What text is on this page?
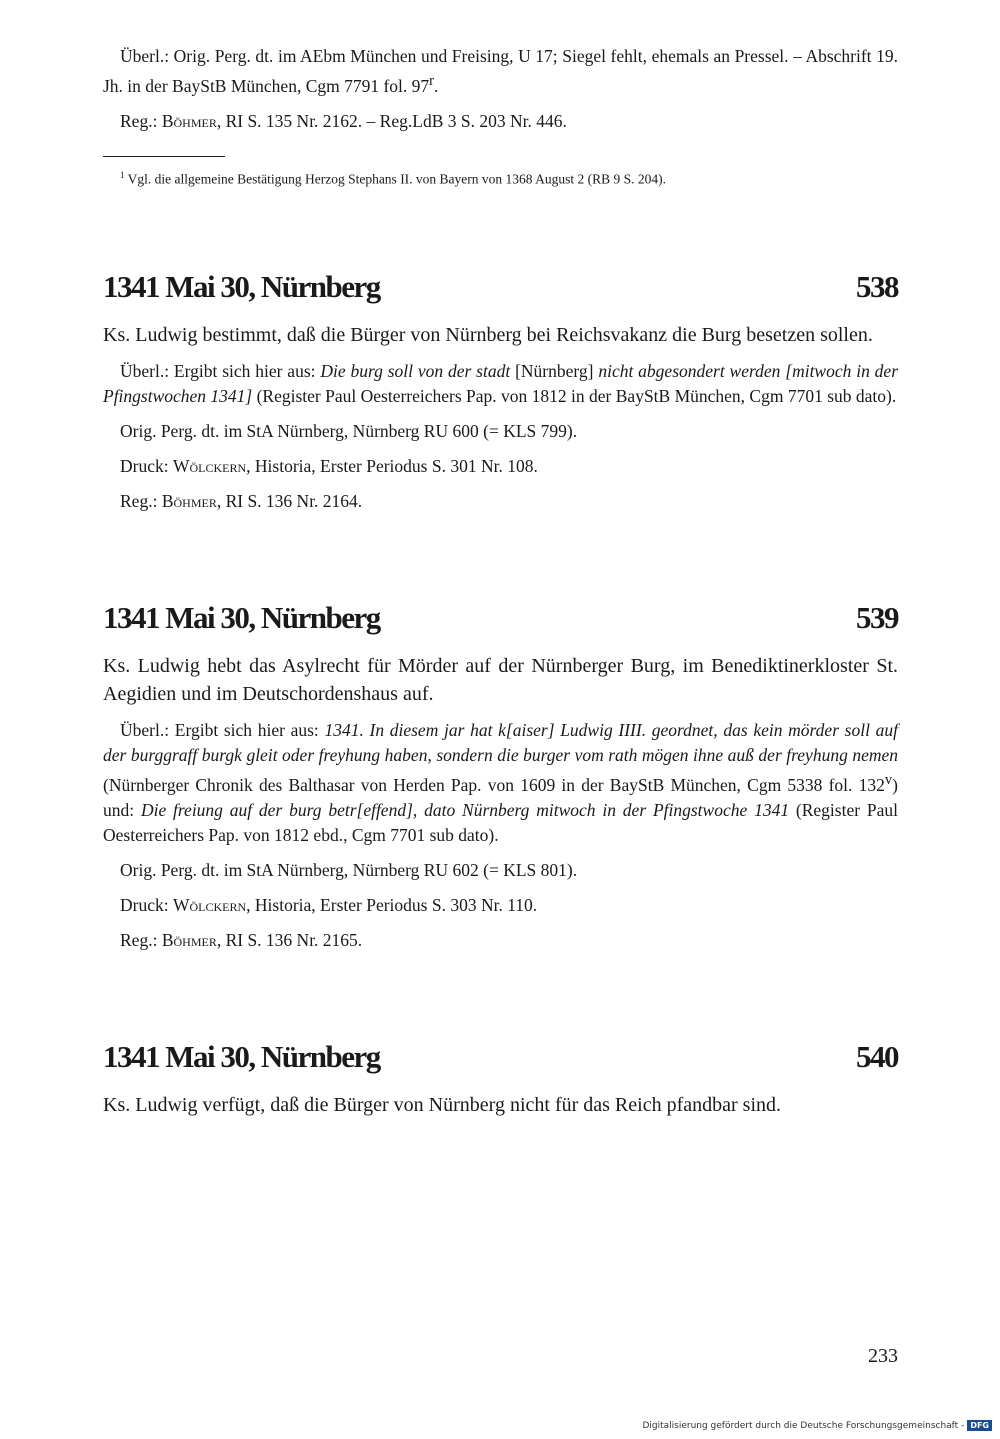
Überl.: Orig. Perg. dt. im AEbm München und Freising, U 17; Siegel fehlt, ehemals an Pressel. – Abschrift 19. Jh. in der BayStB München, Cgm 7791 fol. 97$^r$.

Reg.: Böhmer, RI S. 135 Nr. 2162. – Reg.LdB 3 S. 203 Nr. 446.

$^1$ Vgl. die allgemeine Bestätigung Herzog Stephans II. von Bayern von 1368 August 2 (RB 9 S. 204).

1341 Mai 30, Nürnberg	538

Ks. Ludwig bestimmt, daß die Bürger von Nürnberg bei Reichsvakanz die Burg besetzen sollen.

Überl.: Ergibt sich hier aus: Die burg soll von der stadt [Nürnberg] nicht abgesondert werden [mitwoch in der Pfingstwochen 1341] (Register Paul Oesterreichers Pap. von 1812 in der BayStB München, Cgm 7701 sub dato).

Orig. Perg. dt. im StA Nürnberg, Nürnberg RU 600 (= KLS 799).

Druck: Wölckern, Historia, Erster Periodus S. 301 Nr. 108.

Reg.: Böhmer, RI S. 136 Nr. 2164.

1341 Mai 30, Nürnberg	539

Ks. Ludwig hebt das Asylrecht für Mörder auf der Nürnberger Burg, im Benediktinerkloster St. Aegidien und im Deutschordenshaus auf.

Überl.: Ergibt sich hier aus: 1341. In diesem jar hat k[aiser] Ludwig IIII. geordnet, das kein mörder soll auf der burggraff burgk gleit oder freyhung haben, sondern die burger vom rath mögen ihne auß der freyhung nemen (Nürnberger Chronik des Balthasar von Herden Pap. von 1609 in der BayStB München, Cgm 5338 fol. 132$^v$) und: Die freiung auf der burg betr[effend], dato Nürnberg mitwoch in der Pfingstwoche 1341 (Register Paul Oesterreichers Pap. von 1812 ebd., Cgm 7701 sub dato).

Orig. Perg. dt. im StA Nürnberg, Nürnberg RU 602 (= KLS 801).

Druck: Wölckern, Historia, Erster Periodus S. 303 Nr. 110.

Reg.: Böhmer, RI S. 136 Nr. 2165.

1341 Mai 30, Nürnberg	540

Ks. Ludwig verfügt, daß die Bürger von Nürnberg nicht für das Reich pfandbar sind.

233
Digitalisierung gefördert durch die Deutsche Forschungsgemeinschaft - DFG
